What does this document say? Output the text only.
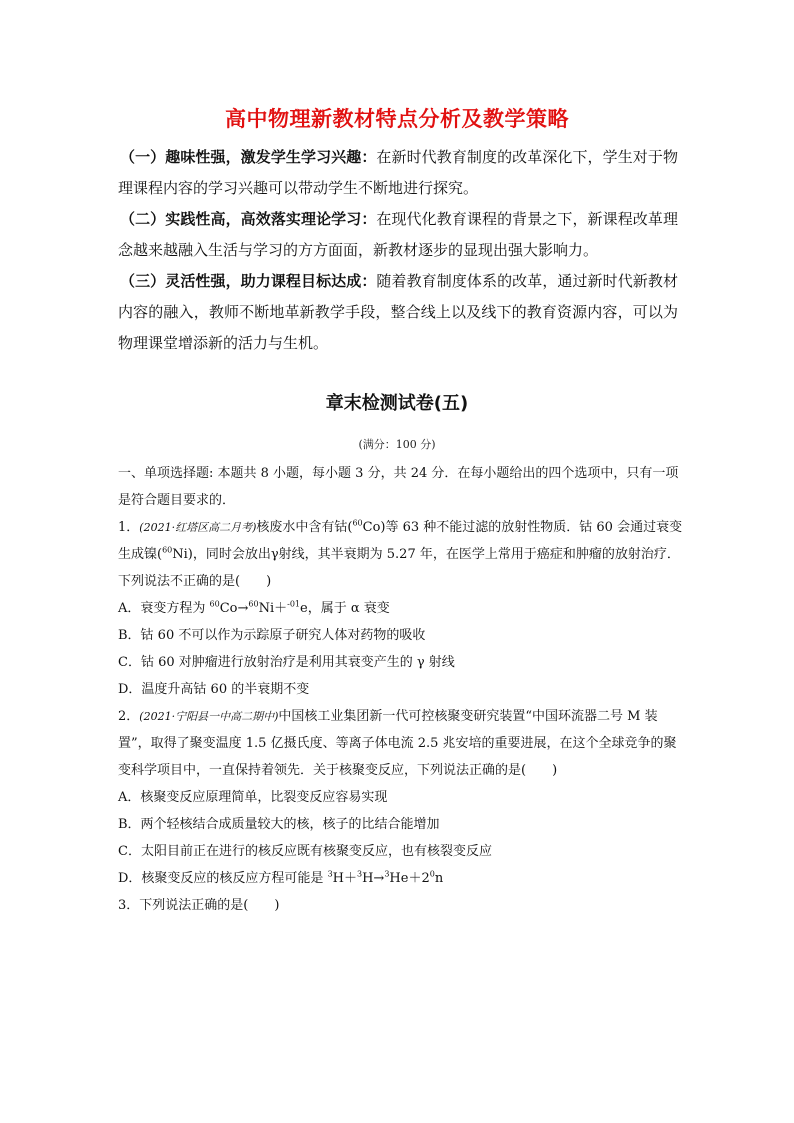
高中物理新教材特点分析及教学策略

（一）趣味性强，激发学生学习兴趣：在新时代教育制度的改革深化下，学生对于物理课程内容的学习兴趣可以带动学生不断地进行探究。

（二）实践性高，高效落实理论学习：在现代化教育课程的背景之下，新课程改革理念越来越融入生活与学习的方方面面，新教材逐步的显现出强大影响力。

（三）灵活性强，助力课程目标达成：随着教育制度体系的改革，通过新时代新教材内容的融入，教师不断地革新教学手段，整合线上以及线下的教育资源内容，可以为物理课堂增添新的活力与生机。

章末检测试卷(五)
(满分：100 分)

一、单项选择题: 本题共 8 小题，每小题 3 分，共 24 分．在每小题给出的四个选项中，只有一项是符合题目要求的．

1．(2021·红塔区高二月考)核废水中含有钴($^{60}$Co)等 63 种不能过滤的放射性物质．钴 60 会通过衰变生成镍($^{60}$Ni)，同时会放出γ射线，其半衰期为 5.27 年，在医学上常用于癌症和肿瘤的放射治疗．下列说法不正确的是(　　)

A．衰变方程为 $^{60}$Co→$^{60}$Ni＋$^{-01}$e，属于 α 衰变

B．钴 60 不可以作为示踪原子研究人体对药物的吸收

C．钴 60 对肿瘤进行放射治疗是利用其衰变产生的 γ 射线

D．温度升高钴 60 的半衰期不变

2．(2021·宁阳县一中高二期中)中国核工业集团新一代可控核聚变研究装置“中国环流器二号 M 装置”，取得了聚变温度 1.5 亿摄氏度、等离子体电流 2.5 兆安培的重要进展，在这个全球竞争的聚变科学项目中，一直保持着领先．关于核聚变反应，下列说法正确的是(　　)

A．核聚变反应原理简单，比裂变反应容易实现

B．两个轻核结合成质量较大的核，核子的比结合能增加

C．太阳目前正在进行的核反应既有核聚变反应，也有核裂变反应

D．核聚变反应的核反应方程可能是 $^3H+^3H\to^3He+2^0n$

3．下列说法正确的是(　　)
